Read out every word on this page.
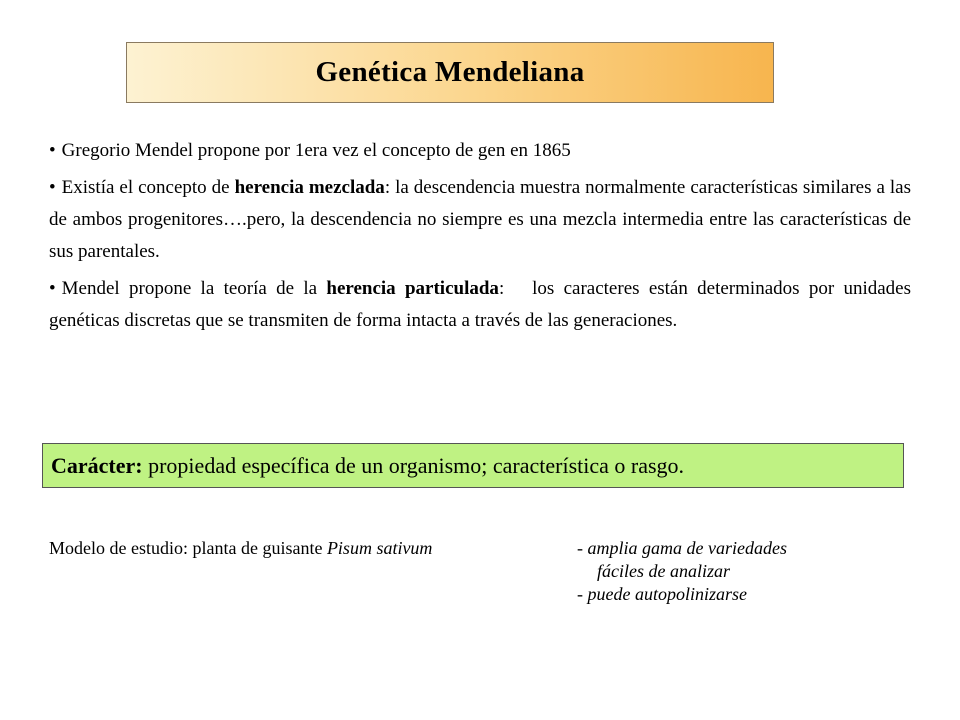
Genética Mendeliana
• Gregorio Mendel propone por 1era vez el concepto de gen en 1865
• Existía el concepto de herencia mezclada: la descendencia muestra normalmente características similares a las de ambos progenitores….pero, la descendencia no siempre es una mezcla intermedia entre las características de sus parentales.
• Mendel propone la teoría de la herencia particulada:   los caracteres están determinados por unidades genéticas discretas que se transmiten de forma intacta a través de las generaciones.
Carácter: propiedad específica de un organismo; característica o rasgo.
Modelo de estudio: planta de guisante Pisum sativum	- amplia gama de variedades
fáciles de analizar
- puede autopolinizarse
